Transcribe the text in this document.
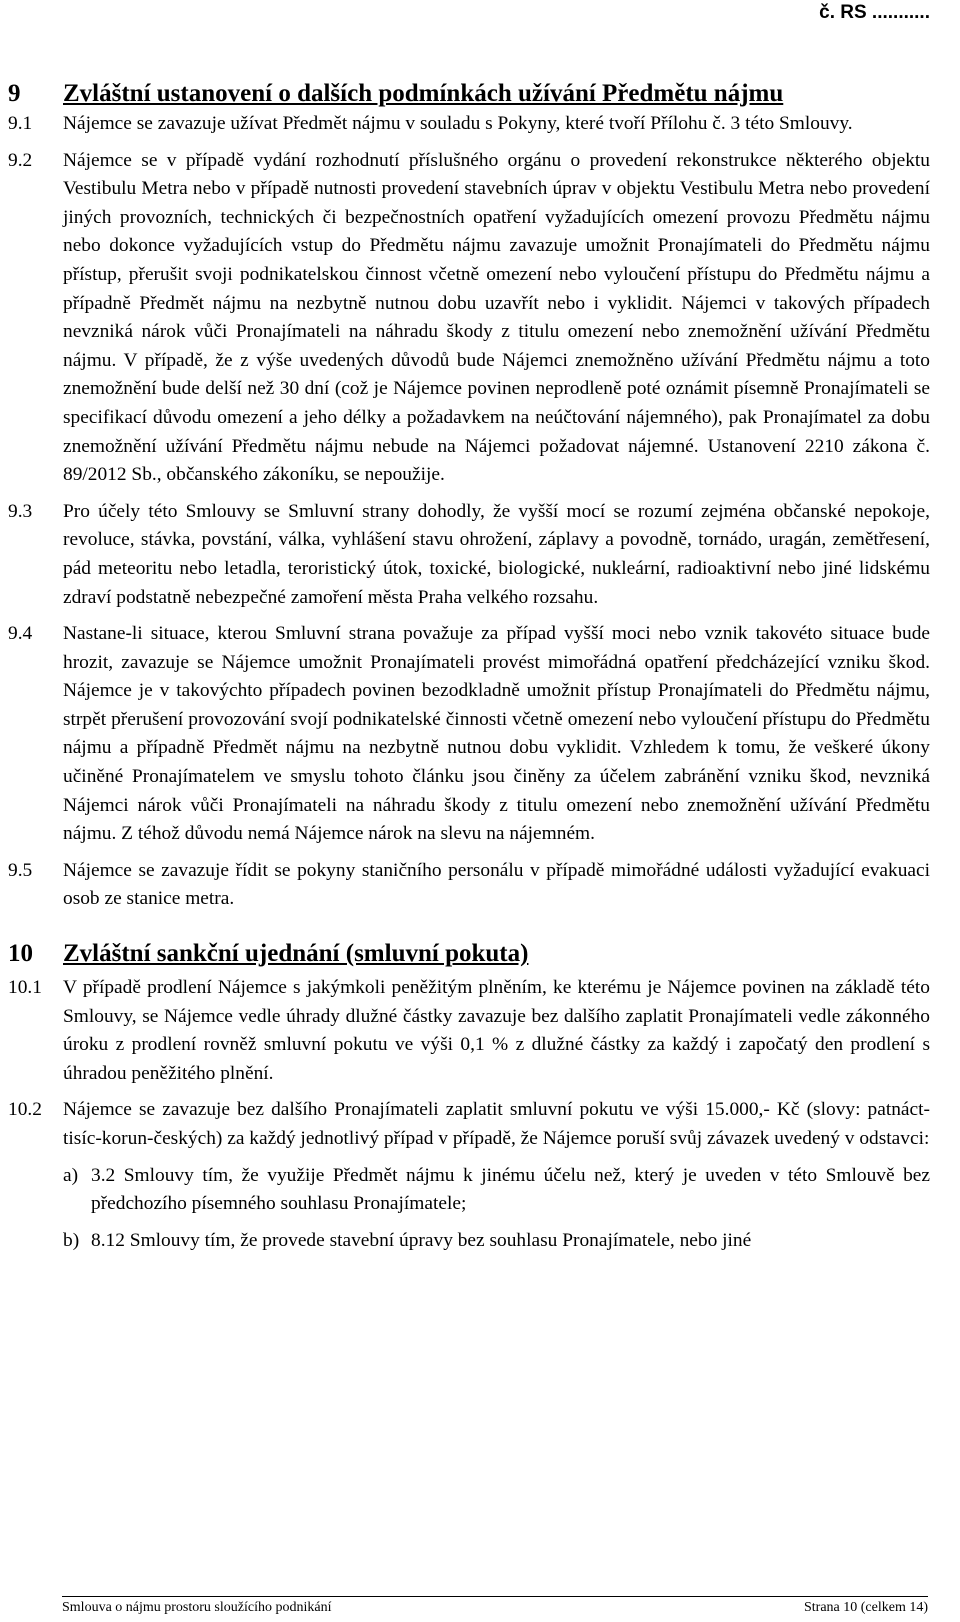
č. RS ...........
9	Zvláštní ustanovení o dalších podmínkách užívání Předmětu nájmu
9.1	Nájemce se zavazuje užívat Předmět nájmu v souladu s Pokyny, které tvoří Přílohu č. 3 této Smlouvy.
9.2	Nájemce se v případě vydání rozhodnutí příslušného orgánu o provedení rekonstrukce některého objektu Vestibulu Metra nebo v případě nutnosti provedení stavebních úprav v objektu Vestibulu Metra nebo provedení jiných provozních, technických či bezpečnostních opatření vyžadujících omezení provozu Předmětu nájmu nebo dokonce vyžadujících vstup do Předmětu nájmu zavazuje umožnit Pronajímateli do Předmětu nájmu přístup, přerušit svoji podnikatelskou činnost včetně omezení nebo vyloučení přístupu do Předmětu nájmu a případně Předmět nájmu na nezbytně nutnou dobu uzavřít nebo i vyklidit. Nájemci v takových případech nevzniká nárok vůči Pronajímateli na náhradu škody z titulu omezení nebo znemožnění užívání Předmětu nájmu. V případě, že z výše uvedených důvodů bude Nájemci znemožněno užívání Předmětu nájmu a toto znemožnění bude delší než 30 dní (což je Nájemce povinen neprodleně poté oznámit písemně Pronajímateli se specifikací důvodu omezení a jeho délky a požadavkem na neúčtování nájemného), pak Pronajímatel za dobu znemožnění užívání Předmětu nájmu nebude na Nájemci požadovat nájemné. Ustanovení 2210 zákona č. 89/2012 Sb., občanského zákoníku, se nepoužije.
9.3	Pro účely této Smlouvy se Smluvní strany dohodly, že vyšší mocí se rozumí zejména občanské nepokoje, revoluce, stávka, povstání, válka, vyhlášení stavu ohrožení, záplavy a povodně, tornádo, uragán, zemětřesení, pád meteoritu nebo letadla, teroristický útok, toxické, biologické, nukleární, radioaktivní nebo jiné lidskému zdraví podstatně nebezpečné zamoření města Praha velkého rozsahu.
9.4	Nastane-li situace, kterou Smluvní strana považuje za případ vyšší moci nebo vznik takovéto situace bude hrozit, zavazuje se Nájemce umožnit Pronajímateli provést mimořádná opatření předcházející vzniku škod. Nájemce je v takovýchto případech povinen bezodkladně umožnit přístup Pronajímateli do Předmětu nájmu, strpět přerušení provozování svojí podnikatelské činnosti včetně omezení nebo vyloučení přístupu do Předmětu nájmu a případně Předmět nájmu na nezbytně nutnou dobu vyklidit. Vzhledem k tomu, že veškeré úkony učiněné Pronajímatelem ve smyslu tohoto článku jsou činěny za účelem zabránění vzniku škod, nevzniká Nájemci nárok vůči Pronajímateli na náhradu škody z titulu omezení nebo znemožnění užívání Předmětu nájmu. Z téhož důvodu nemá Nájemce nárok na slevu na nájemném.
9.5	Nájemce se zavazuje řídit se pokyny staničního personálu v případě mimořádné události vyžadující evakuaci osob ze stanice metra.
10	Zvláštní sankční ujednání (smluvní pokuta)
10.1	V případě prodlení Nájemce s jakýmkoli peněžitým plněním, ke kterému je Nájemce povinen na základě této Smlouvy, se Nájemce vedle úhrady dlužné částky zavazuje bez dalšího zaplatit Pronajímateli vedle zákonného úroku z prodlení rovněž smluvní pokutu ve výši 0,1 % z dlužné částky za každý i započatý den prodlení s úhradou peněžitého plnění.
10.2	Nájemce se zavazuje bez dalšího Pronajímateli zaplatit smluvní pokutu ve výši 15.000,- Kč (slovy: patnáct-tisíc-korun-českých) za každý jednotlivý případ v případě, že Nájemce poruší svůj závazek uvedený v odstavci:
a) 3.2 Smlouvy tím, že využije Předmět nájmu k jinému účelu než, který je uveden v této Smlouvě bez předchozího písemného souhlasu Pronajímatele;
b) 8.12 Smlouvy tím, že provede stavební úpravy bez souhlasu Pronajímatele, nebo jiné
Smlouva o nájmu prostoru sloužícího podnikání	Strana 10 (celkem 14)
